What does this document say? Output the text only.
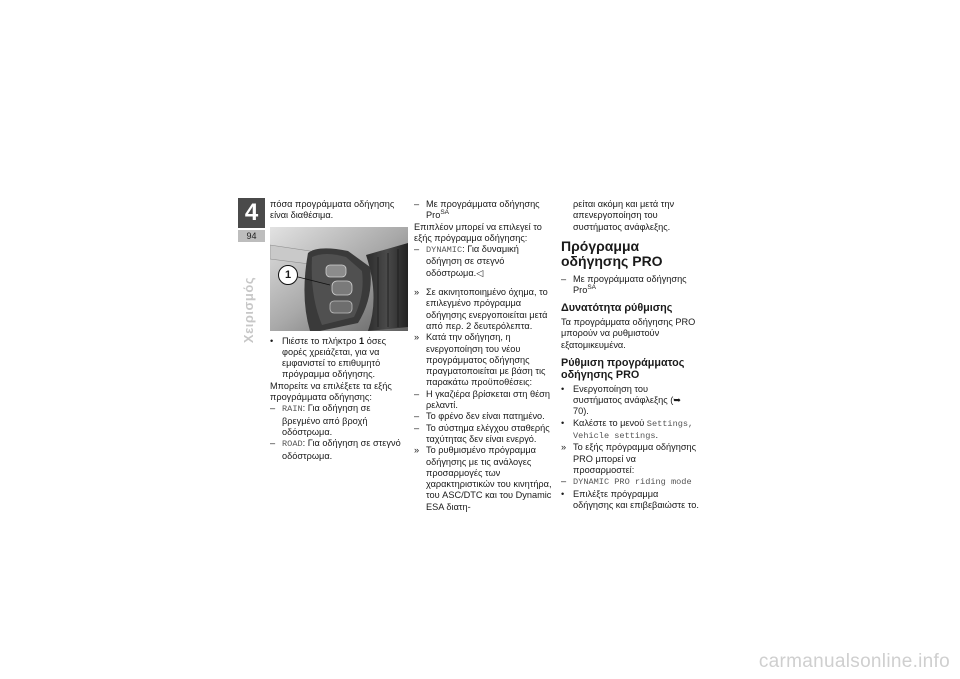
4
94
Χειρισμός

πόσα προγράμματα οδήγησης είναι διαθέσιμα.

1
• Πιέστε το πλήκτρο 1 όσες φορές χρειάζεται, για να εμφανιστεί το επιθυμητό πρόγραμμα οδήγησης.

Μπορείτε να επιλέξετε τα εξής προγράμματα οδήγησης:

– RAIN: Για οδήγηση σε βρεγμένο από βροχή οδόστρωμα.
– ROAD: Για οδήγηση σε στεγνό οδόστρωμα.
– Με προγράμματα οδήγησης Pro$^{SA}$

Επιπλέον μπορεί να επιλεγεί το εξής πρόγραμμα οδήγησης:

– DYNAMIC: Για δυναμική οδήγηση σε στεγνό οδόστρωμα.◁
» Σε ακινητοποιημένο όχημα, το επιλεγμένο πρόγραμμα οδήγησης ενεργοποιείται μετά από περ. 2 δευτερόλεπτα.
» Κατά την οδήγηση, η ενεργοποίηση του νέου προγράμματος οδήγησης πραγματοποιείται με βάση τις παρακάτω προϋποθέσεις:
– Η γκαζιέρα βρίσκεται στη θέση ρελαντί.
– Το φρένο δεν είναι πατημένο.
– Το σύστημα ελέγχου σταθερής ταχύτητας δεν είναι ενεργό.
» Το ρυθμισμένο πρόγραμμα οδήγησης με τις ανάλογες προσαρμογές των χαρακτηριστικών του κινητήρα, του ASC/DTC και του Dynamic ESA διατη-

ρείται ακόμη και μετά την απενεργοποίηση του συστήματος ανάφλεξης.

Πρόγραμμα οδήγησης PRO
– Με προγράμματα οδήγησης Pro$^{SA}$
Δυνατότητα ρύθμισης

Τα προγράμματα οδήγησης PRO μπορούν να ρυθμιστούν εξατομικευμένα.

Ρύθμιση προγράμματος οδήγησης PRO
• Ενεργοποίηση του συστήματος ανάφλεξης (➥ 70).
• Καλέστε το μενού Settings, Vehicle settings.
» Το εξής πρόγραμμα οδήγησης PRO μπορεί να προσαρμοστεί:
– DYNAMIC PRO riding mode
• Επιλέξτε πρόγραμμα οδήγησης και επιβεβαιώστε το.
carmanualsonline.info
